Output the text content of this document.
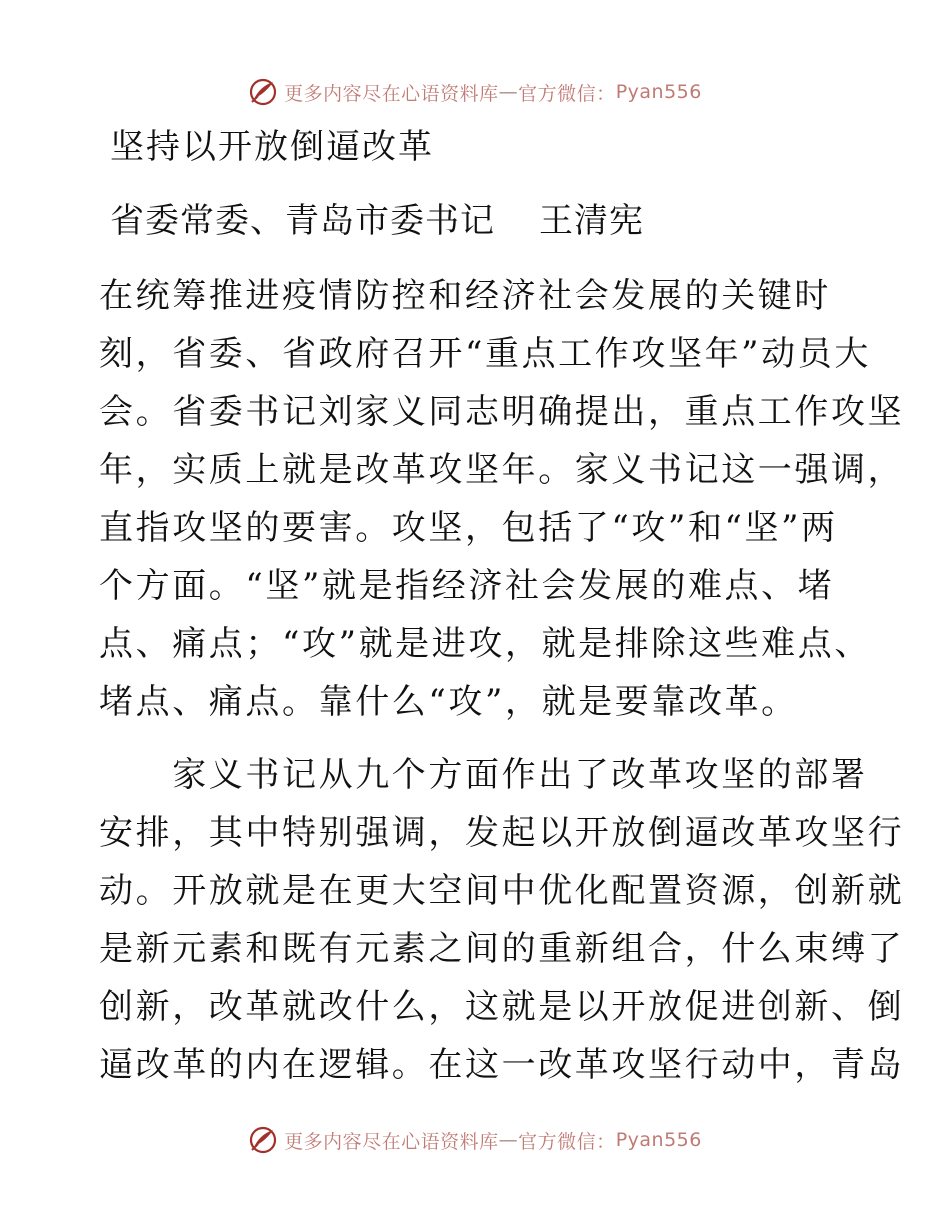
更多内容尽在心语资料库 — 官方微信： Pyan556
坚持以开放倒逼改革
省委常委、青岛市委书记 王清宪
在统筹推进疫情防控和经济社会发展的关键时
刻，省委、省政府召开“重点工作攻坚年”动员大
会。省委书记刘家义同志明确提出，重点工作攻坚
年，实质上就是改革攻坚年。家义书记这一强调，
直指攻坚的要害。攻坚，包括了“攻”和“坚”两
个方面。“坚”就是指经济社会发展的难点、堵
点、痛点；“攻”就是进攻，就是排除这些难点、
堵点、痛点。靠什么“攻”，就是要靠改革。
　　家义书记从九个方面作出了改革攻坚的部署
安排，其中特别强调，发起以开放倒逼改革攻坚行
动。开放就是在更大空间中优化配置资源，创新就
是新元素和既有元素之间的重新组合，什么束缚了
创新，改革就改什么，这就是以开放促进创新、倒
逼改革的内在逻辑。在这一改革攻坚行动中，青岛
更多内容尽在心语资料库 — 官方微信： Pyan556
